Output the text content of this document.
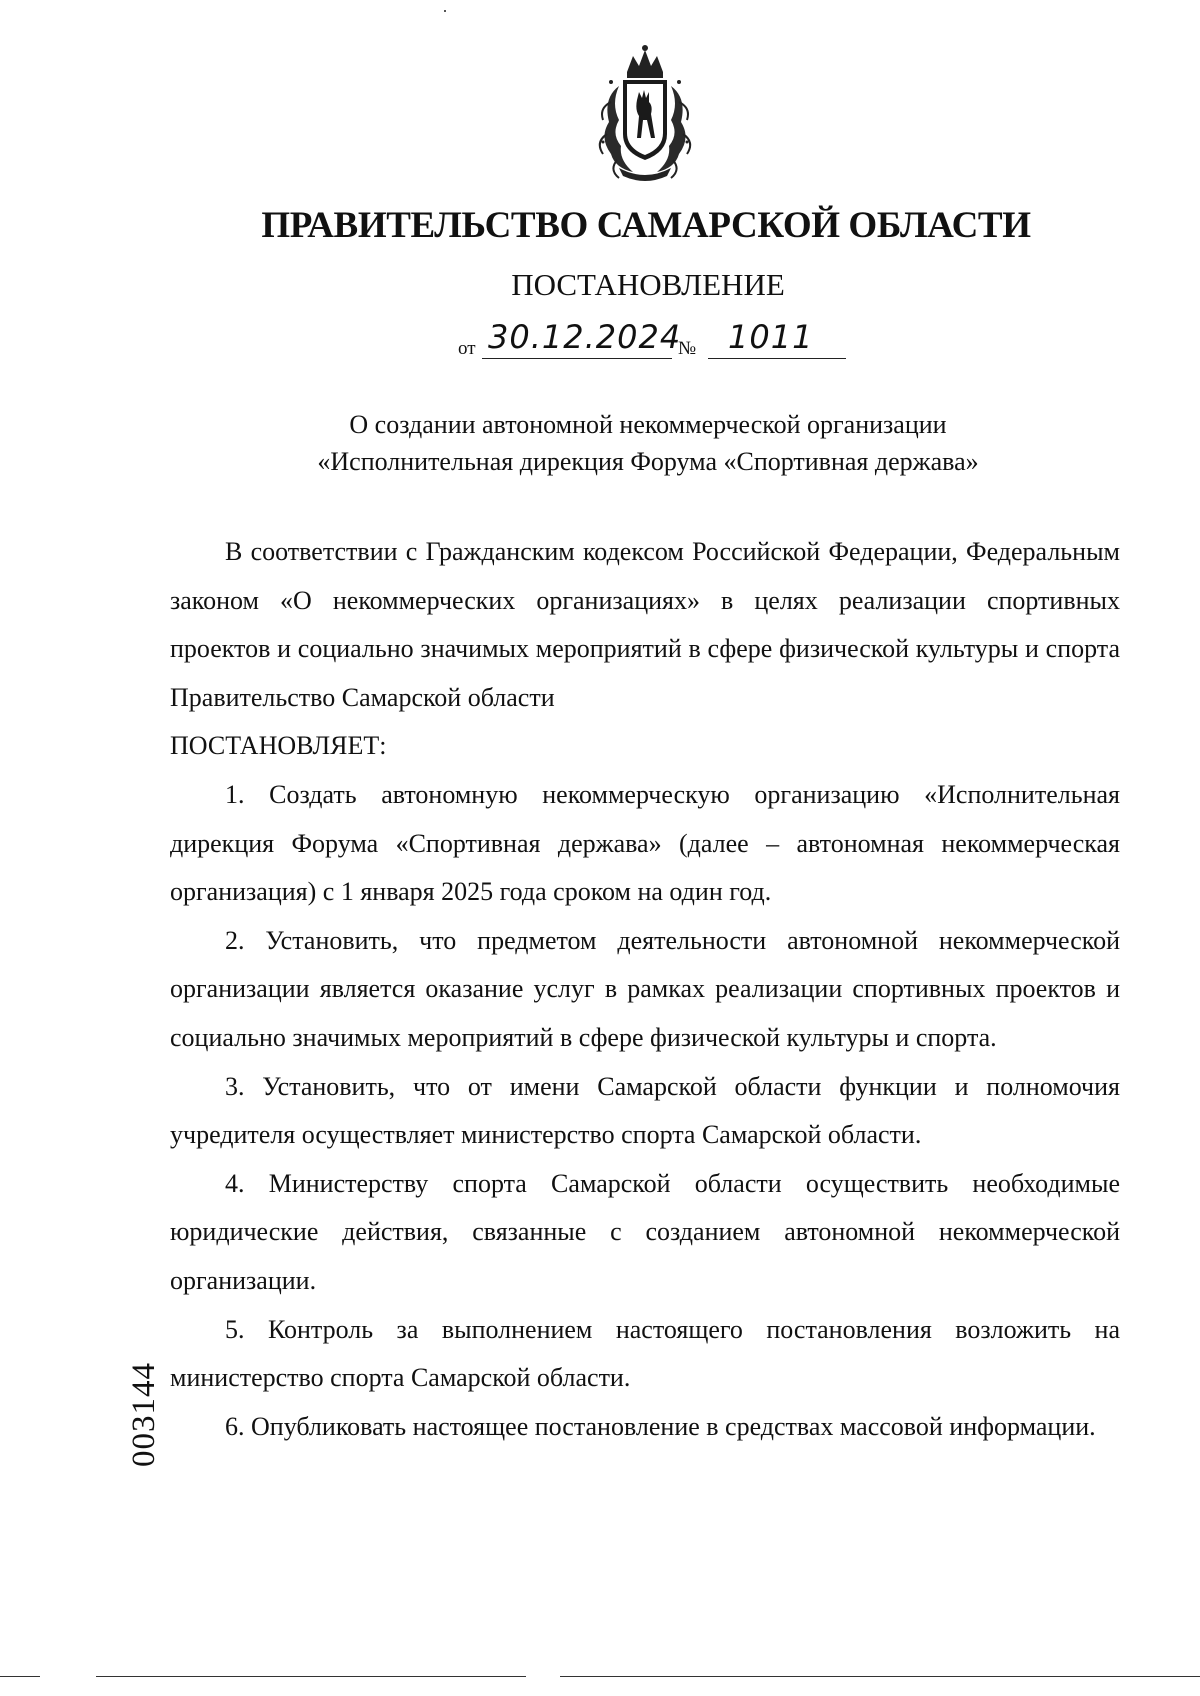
ПРАВИТЕЛЬСТВО САМАРСКОЙ ОБЛАСТИ
ПОСТАНОВЛЕНИЕ
от 30.12.2024
№ 1011
О создании автономной некоммерческой организации
«Исполнительная дирекция Форума «Спортивная держава»

В соответствии с Гражданским кодексом Российской Федерации, Федеральным законом «О некоммерческих организациях» в целях реализации спортивных проектов и социально значимых мероприятий в сфере физической культуры и спорта Правительство Самарской области

ПОСТАНОВЛЯЕТ:

1. Создать автономную некоммерческую организацию «Исполнительная дирекция Форума «Спортивная держава» (далее – автономная некоммерческая организация) с 1 января 2025 года сроком на один год.

2. Установить, что предметом деятельности автономной некоммерческой организации является оказание услуг в рамках реализации спортивных проектов и социально значимых мероприятий в сфере физической культуры и спорта.

3. Установить, что от имени Самарской области функции и полномочия учредителя осуществляет министерство спорта Самарской области.

4. Министерству спорта Самарской области осуществить необходимые юридические действия, связанные с созданием автономной некоммерческой организации.

5. Контроль за выполнением настоящего постановления возложить на министерство спорта Самарской области.

6. Опубликовать настоящее постановление в средствах массовой информации.

003144
